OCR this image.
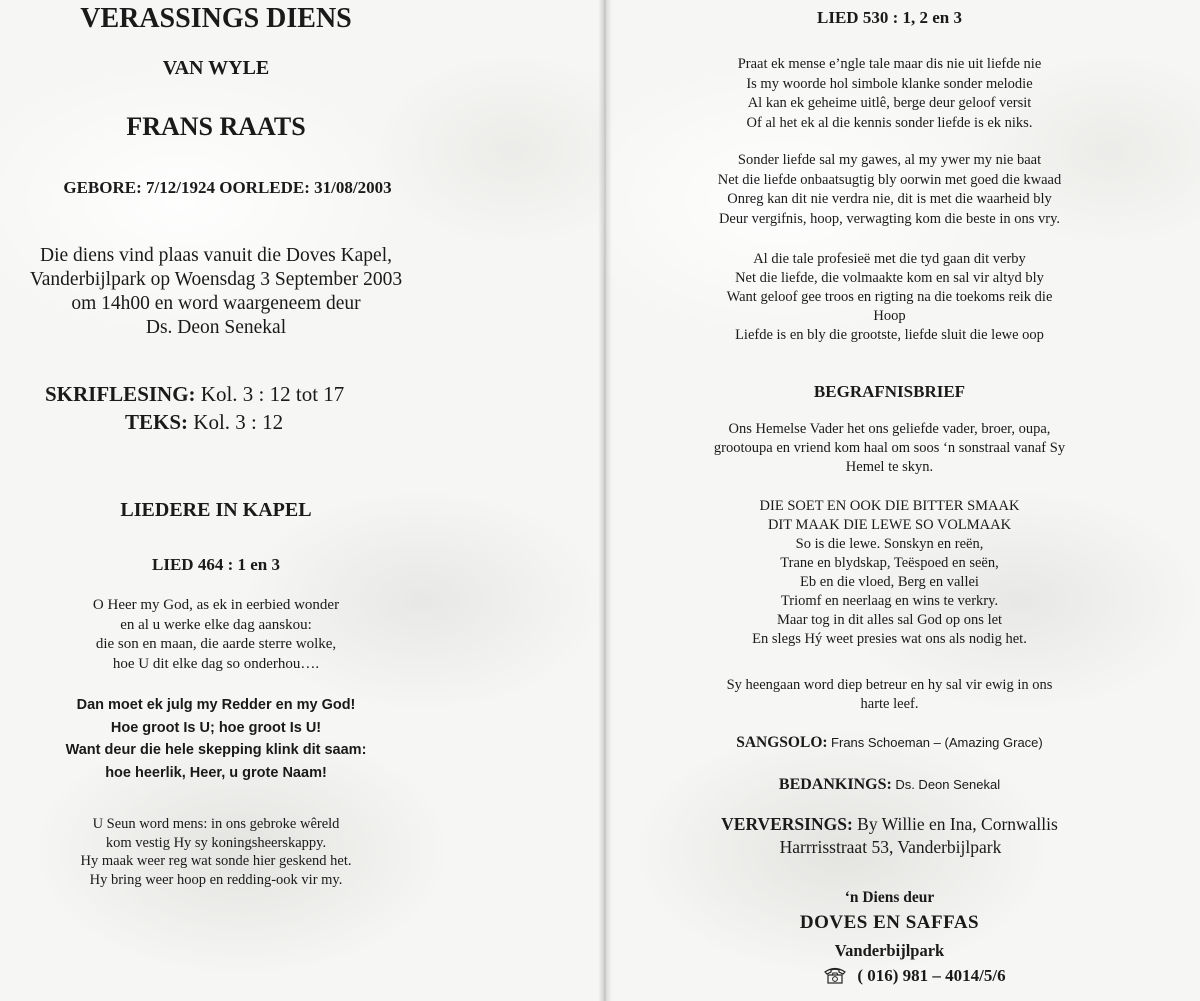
VERASSINGS DIENS
VAN WYLE
FRANS RAATS
GEBORE: 7/12/1924 OORLEDE: 31/08/2003
Die diens vind plaas vanuit die Doves Kapel,
Vanderbijlpark op Woensdag 3 September 2003
om 14h00 en word waargeneem deur
Ds. Deon Senekal
SKRIFLESING: Kol. 3 : 12 tot 17
TEKS: Kol. 3 : 12
LIEDERE IN KAPEL
LIED 464 : 1 en 3
O Heer my God, as ek in eerbied wonder
en al u werke elke dag aanskou:
die son en maan, die aarde sterre wolke,
hoe U dit elke dag so onderhou….
Dan moet ek julg my Redder en my God!
Hoe groot Is U; hoe groot Is U!
Want deur die hele skepping klink dit saam:
hoe heerlik, Heer, u grote Naam!
U Seun word mens: in ons gebroke wêreld
kom vestig Hy sy koningsheerskappy.
Hy maak weer reg wat sonde hier geskend het.
Hy bring weer hoop en redding-ook vir my.
LIED 530 : 1, 2 en 3
Praat ek mense e’ngle tale maar dis nie uit liefde nie
Is my woorde hol simbole klanke sonder melodie
Al kan ek geheime uitlê, berge deur geloof versit
Of al het ek al die kennis sonder liefde is ek niks.
Sonder liefde sal my gawes, al my ywer my nie baat
Net die liefde onbaatsugtig bly oorwin met goed die kwaad
Onreg kan dit nie verdra nie, dit is met die waarheid bly
Deur vergifnis, hoop, verwagting kom die beste in ons vry.
Al die tale profesieë met die tyd gaan dit verby
Net die liefde, die volmaakte kom en sal vir altyd bly
Want geloof gee troos en rigting na die toekoms reik die
Hoop
Liefde is en bly die grootste, liefde sluit die lewe oop
BEGRAFNISBRIEF
Ons Hemelse Vader het ons geliefde vader, broer, oupa,
grootoupa en vriend kom haal om soos ‘n sonstraal vanaf Sy
Hemel te skyn.
DIE SOET EN OOK DIE BITTER SMAAK
DIT MAAK DIE LEWE SO VOLMAAK
So is die lewe. Sonskyn en reën,
Trane en blydskap, Teëspoed en seën,
Eb en die vloed, Berg en vallei
Triomf en neerlaag en wins te verkry.
Maar tog in dit alles sal God op ons let
En slegs Hý weet presies wat ons als nodig het.
Sy heengaan word diep betreur en hy sal vir ewig in ons
harte leef.
SANGSOLO: Frans Schoeman – (Amazing Grace)
BEDANKINGS: Ds. Deon Senekal
VERVERSINGS: By Willie en Ina, Cornwallis
Harrrisstraat 53, Vanderbijlpark
‘n Diens deur
DOVES EN SAFFAS
Vanderbijlpark
( 016) 981 – 4014/5/6
